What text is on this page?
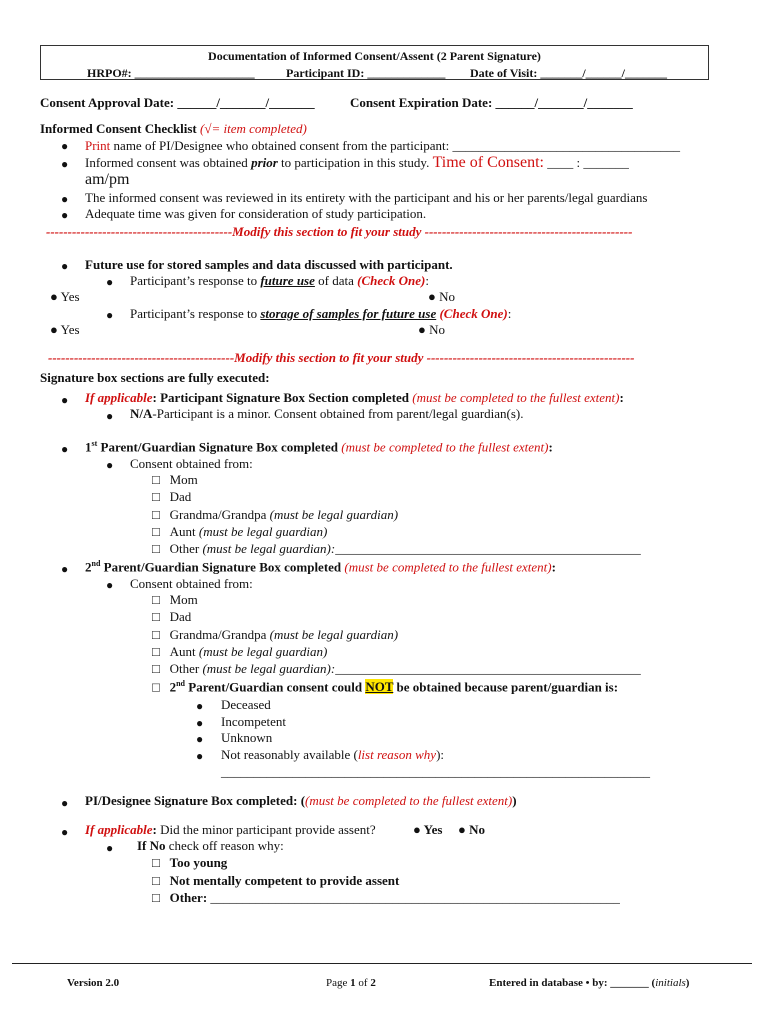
Documentation of Informed Consent/Assent (2 Parent Signature)
HRPO#: ____________________	Participant ID: _____________ Date of Visit: _______/______/_______
Consent Approval Date: ______/_______/_______	Consent Expiration Date: ______/_______/_______
Informed Consent Checklist (√= item completed)
● Print name of PI/Designee who obtained consent from the participant: ___________________________________
● Informed consent was obtained prior to participation in this study. Time of Consent: ____ : _______
am/pm
● The informed consent was reviewed in its entirety with the participant and his or her parents/legal guardians
● Adequate time was given for consideration of study participation.
-------------------------------------------Modify this section to fit your study ------------------------------------------------
● Future use for stored samples and data discussed with participant.
● Participant’s response to future use of data (Check One):
● Yes	● No
● Participant’s response to storage of samples for future use (Check One):
● Yes	● No
-------------------------------------------Modify this section to fit your study ------------------------------------------------
Signature box sections are fully executed:
● If applicable: Participant Signature Box Section completed (must be completed to the fullest extent):
● N/A-Participant is a minor. Consent obtained from parent/legal guardian(s).
● 1st Parent/Guardian Signature Box completed (must be completed to the fullest extent):
● Consent obtained from:
□   Mom
□   Dad
□   Grandma/Grandpa (must be legal guardian)
□   Aunt (must be legal guardian)
□   Other (must be legal guardian):_______________________________________________
● 2nd Parent/Guardian Signature Box completed (must be completed to the fullest extent):
● Consent obtained from:
□   Mom
□   Dad
□   Grandma/Grandpa (must be legal guardian)
□   Aunt (must be legal guardian)
□   Other (must be legal guardian):_______________________________________________
□   2nd Parent/Guardian consent could NOT be obtained because parent/guardian is:
● Deceased
● Incompetent
● Unknown
● Not reasonably available (list reason why):
__________________________________________________________________
● PI/Designee Signature Box completed: ((must be completed to the fullest extent))
● If applicable: Did the minor participant provide assent?	● Yes ● No
● If No check off reason why:
□   Too young
□   Not mentally competent to provide assent
□   Other: _______________________________________________________________
Version 2.0	Page 1 of 2	Entered in database • by: _______ (initials)
